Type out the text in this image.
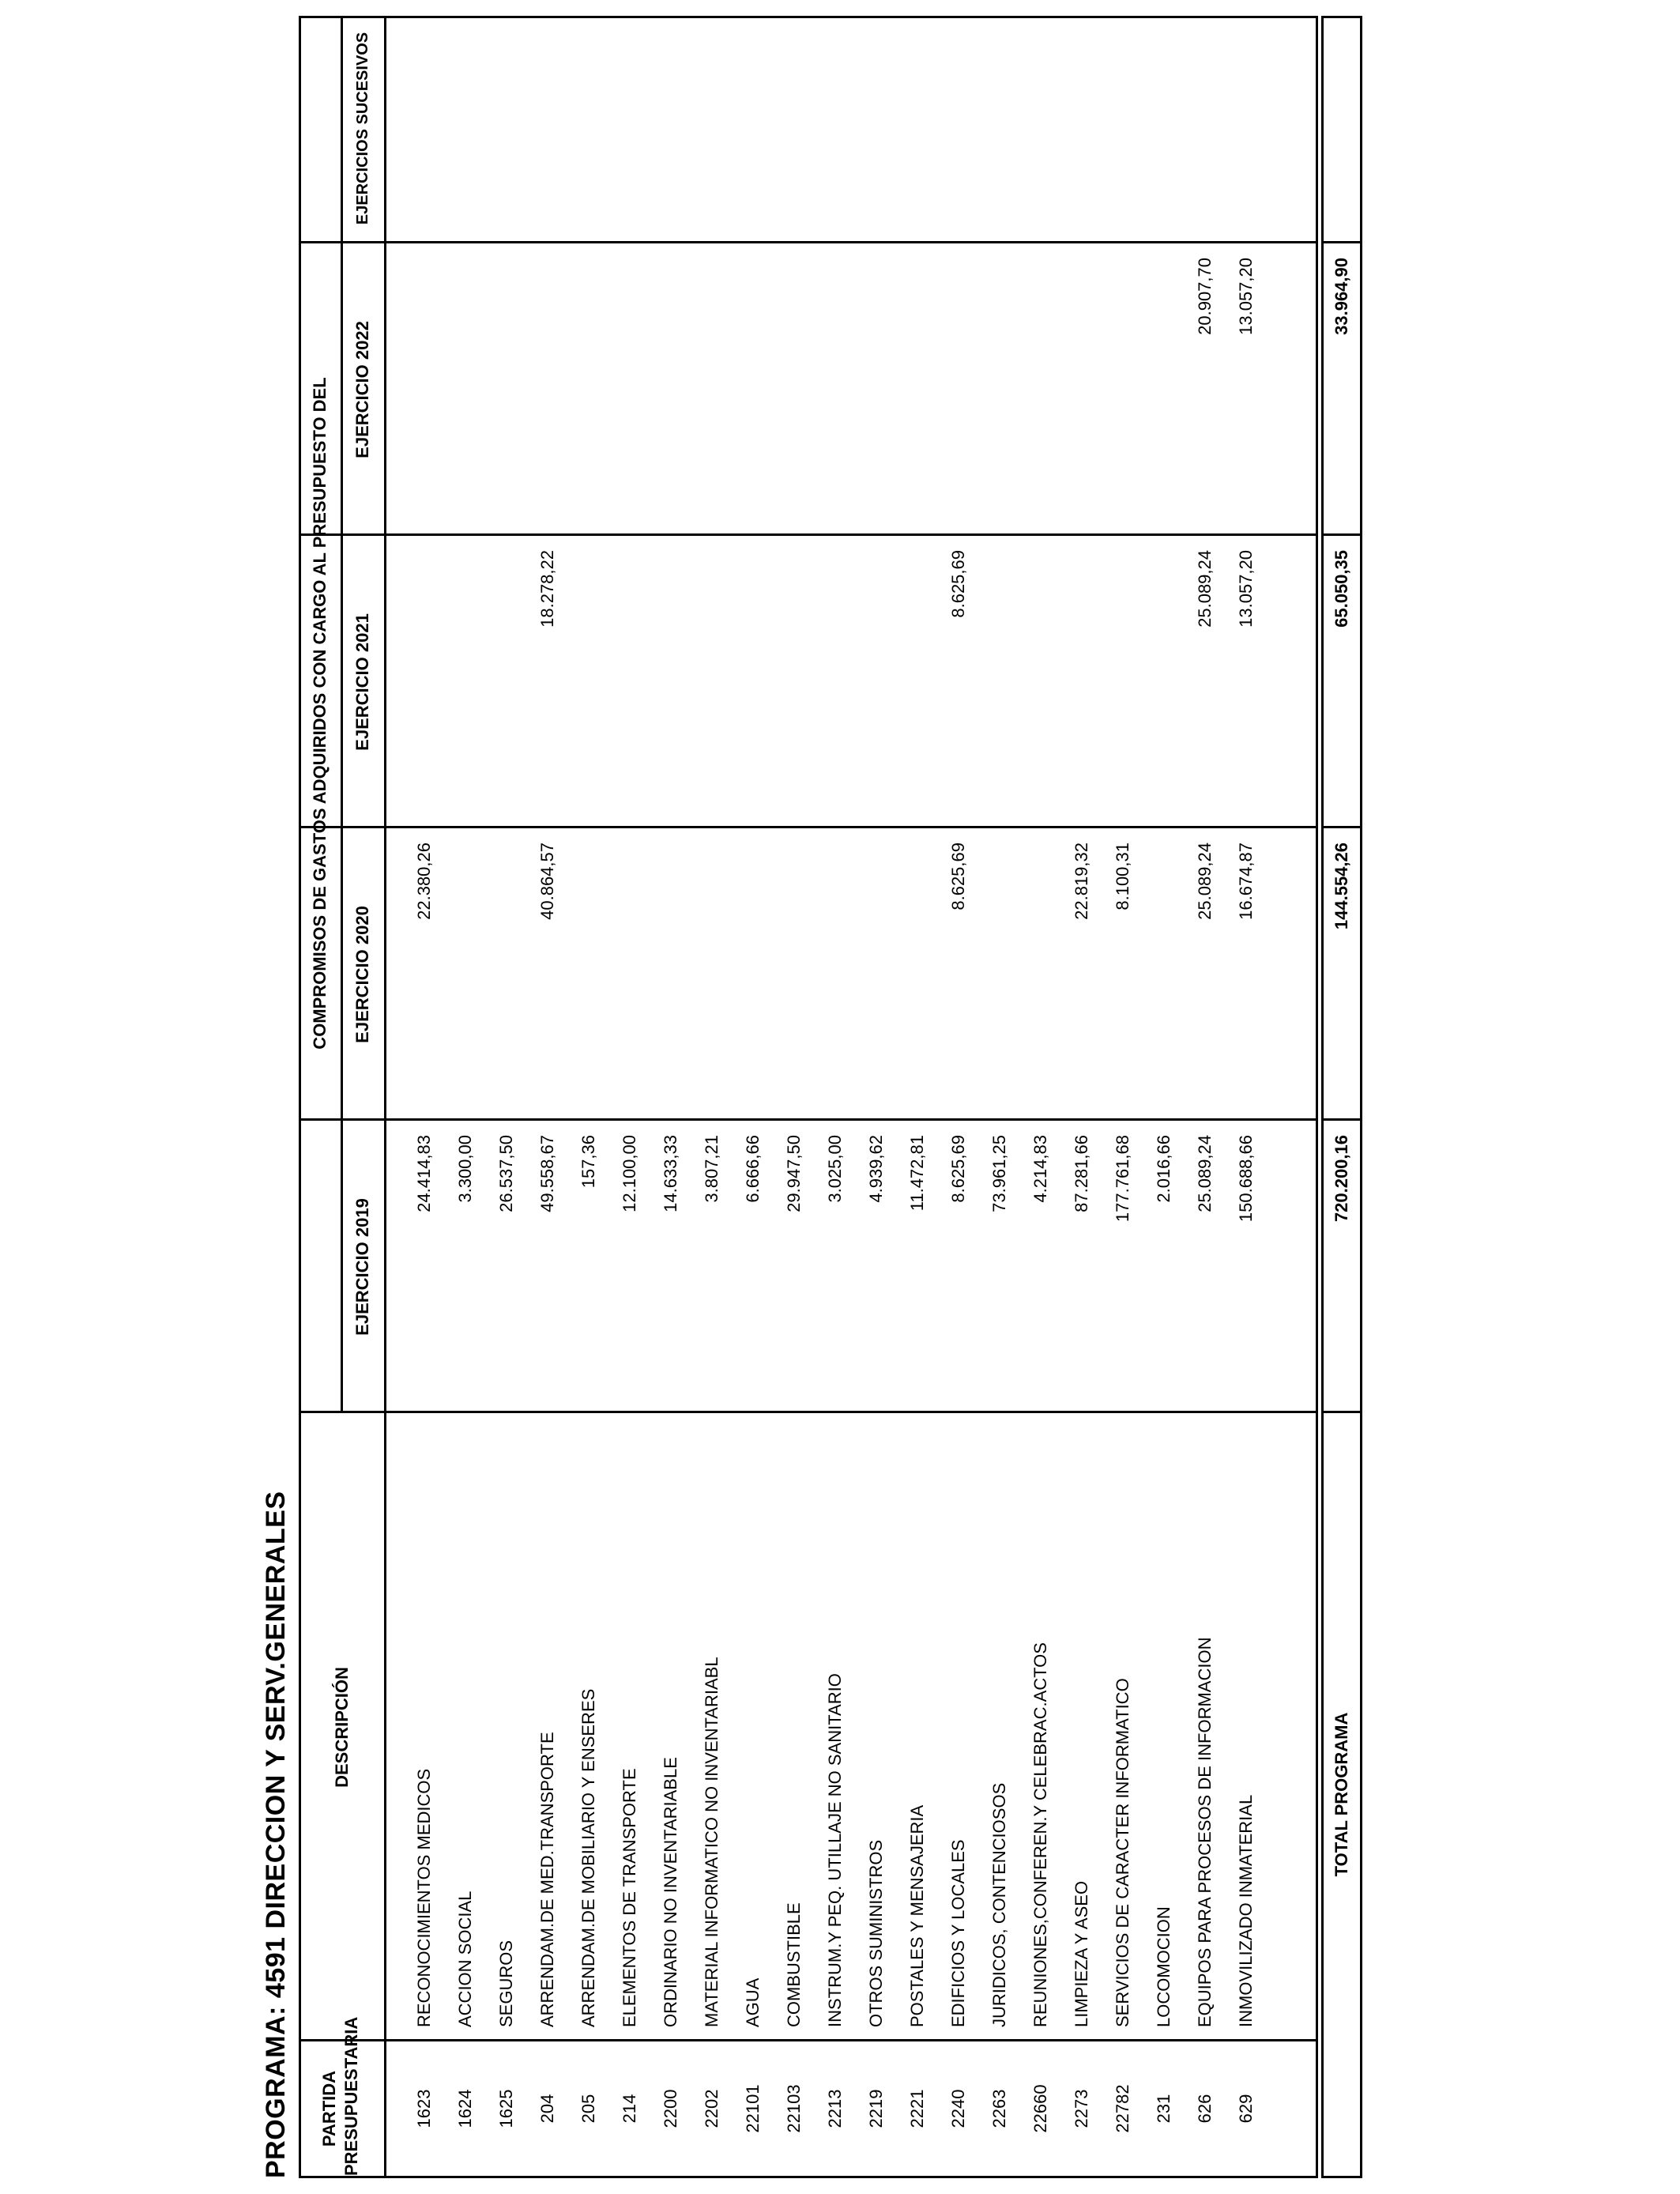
PROGRAMA: 4591 DIRECCION Y SERV.GENERALES PARTIDA PRESUPUESTARIA
DESCRIPCIÓN
COMPROMISOS DE GASTOS ADQUIRIDOS CON CARGO AL PRESUPUESTO DEL
EJERCICIO 2019
EJERCICIO 2020
EJERCICIO 2021
EJERCICIO 2022
EJERCICIOS SUCESIVOS
1623
RECONOCIMIENTOS MEDICOS
24.414,83
22.380,26
1624
ACCION SOCIAL
3.300,00
1625
SEGUROS
26.537,50
204
ARRENDAM.DE MED.TRANSPORTE
49.558,67
40.864,57
18.278,22
205
ARRENDAM.DE MOBILIARIO Y ENSERES
157,36
214
ELEMENTOS DE TRANSPORTE
12.100,00
2200
ORDINARIO NO INVENTARIABLE
14.633,33
2202
MATERIAL INFORMATICO NO INVENTARIABL
3.807,21
22101
AGUA
6.666,66
22103
COMBUSTIBLE
29.947,50
2213
INSTRUM.Y PEQ. UTILLAJE NO SANITARIO
3.025,00
2219
OTROS SUMINISTROS
4.939,62
2221
POSTALES Y MENSAJERIA
11.472,81
2240
EDIFICIOS Y LOCALES
8.625,69
8.625,69
8.625,69
2263
JURIDICOS, CONTENCIOSOS
73.961,25
22660
REUNIONES,CONFEREN.Y CELEBRAC.ACTOS
4.214,83
2273
LIMPIEZA Y ASEO
87.281,66
22.819,32
22782
SERVICIOS DE CARACTER INFORMATICO
177.761,68
8.100,31
231
LOCOMOCION
2.016,66
626
EQUIPOS PARA PROCESOS DE INFORMACION
25.089,24
25.089,24
25.089,24
20.907,70
629
INMOVILIZADO INMATERIAL
150.688,66
16.674,87
13.057,20
13.057,20
TOTAL PROGRAMA
720.200,16
144.554,26
65.050,35
33.964,90
